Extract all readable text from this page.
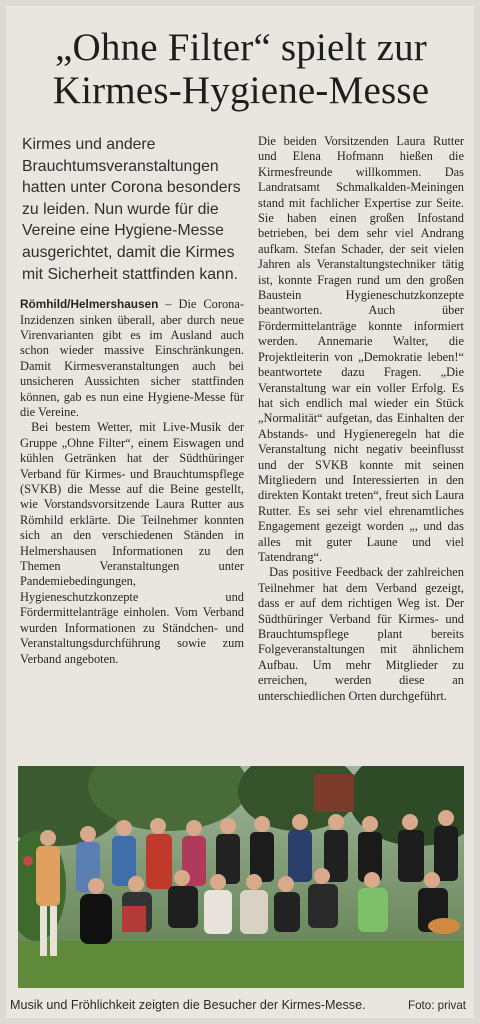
„Ohne Filter“ spielt zur
Kirmes-Hygiene-Messe
Kirmes und andere Brauchtumsveranstaltungen hatten unter Corona besonders zu leiden. Nun wurde für die Vereine eine Hygiene-Messe ausgerichtet, damit die Kirmes mit Sicherheit stattfinden kann.

Römhild/Helmershausen – Die Corona-Inzidenzen sinken überall, aber durch neue Virenvarianten gibt es im Ausland auch schon wieder massive Einschränkungen. Damit Kirmesveranstaltungen auch bei unsicheren Aussichten sicher stattfinden können, gab es nun eine Hygiene-Messe für die Vereine.

Bei bestem Wetter, mit Live-Musik der Gruppe „Ohne Filter“, einem Eiswagen und kühlen Getränken hat der Südthüringer Verband für Kirmes- und Brauchtumspflege (SVKB) die Messe auf die Beine gestellt, wie Vorstandsvorsitzende Laura Rutter aus Römhild erklärte. Die Teilnehmer konnten sich an den verschiedenen Ständen in Helmershausen Informationen zu den Themen Veranstaltungen unter Pandemiebedingungen, Hygieneschutzkonzepte und Fördermittelanträge einholen. Vom Verband wurden Informationen zu Ständchen- und Veranstaltungsdurchführung sowie zum Verband angeboten.

Die beiden Vorsitzenden Laura Rutter und Elena Hofmann hießen die Kirmesfreunde willkommen. Das Landratsamt Schmalkalden-Meiningen stand mit fachlicher Expertise zur Seite. Sie haben einen großen Infostand betrieben, bei dem sehr viel Andrang aufkam. Stefan Schader, der seit vielen Jahren als Veranstaltungstechniker tätig ist, konnte Fragen rund um den großen Baustein Hygieneschutzkonzepte beantworten. Auch über Fördermittelanträge konnte informiert werden. Annemarie Walter, die Projektleiterin von „Demokratie leben!“ beantwortete dazu Fragen. „Die Veranstaltung war ein voller Erfolg. Es hat sich endlich mal wieder ein Stück „Normalität“ aufgetan, das Einhalten der Abstands- und Hygieneregeln hat die Veranstaltung nicht negativ beeinflusst und der SVKB konnte mit seinen Mitgliedern und Interessierten in den direkten Kontakt treten“, freut sich Laura Rutter. Es sei sehr viel ehrenamtliches Engagement gezeigt worden „, und das alles mit guter Laune und viel Tatendrang“.

Das positive Feedback der zahlreichen Teilnehmer hat dem Verband gezeigt, dass er auf dem richtigen Weg ist. Der Südthüringer Verband für Kirmes- und Brauchtumspflege plant bereits Folgeveranstaltungen mit ähnlichem Aufbau. Um mehr Mitglieder zu erreichen, werden diese an unterschiedlichen Orten durchgeführt.

Musik und Fröhlichkeit zeigten die Besucher der Kirmes-Messe.	Foto: privat
